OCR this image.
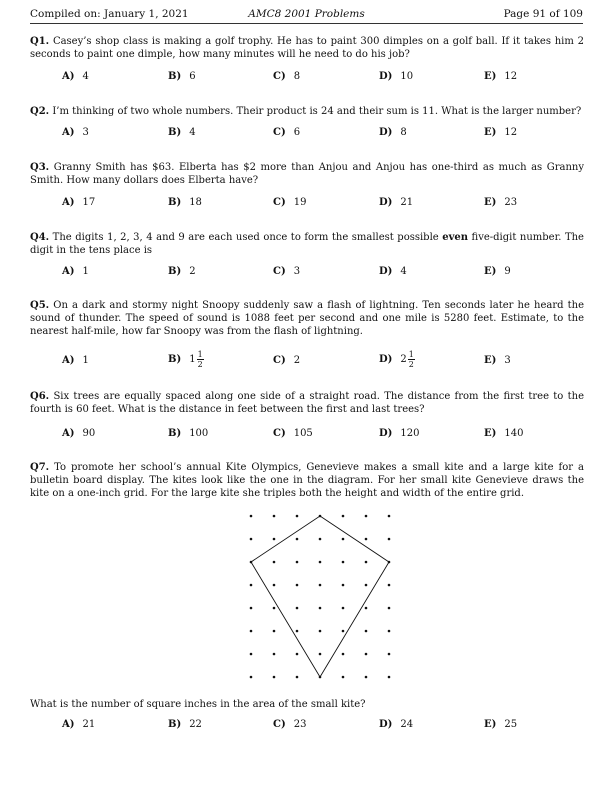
Compiled on: January 1, 2021	AMC8 2001 Problems	Page 91 of 109
Q1. Casey’s shop class is making a golf trophy. He has to paint 300 dimples on a golf ball. If it takes him 2 seconds to paint one dimple, how many minutes will he need to do his job?
A) 4	B) 6	C) 8	D) 10	E) 12
Q2. I’m thinking of two whole numbers. Their product is 24 and their sum is 11. What is the larger number?
A) 3	B) 4	C) 6	D) 8	E) 12
Q3. Granny Smith has $63. Elberta has $2 more than Anjou and Anjou has one-third as much as Granny Smith. How many dollars does Elberta have?
A) 17	B) 18	C) 19	D) 21	E) 23
Q4. The digits 1, 2, 3, 4 and 9 are each used once to form the smallest possible even five-digit number. The digit in the tens place is
A) 1	B) 2	C) 3	D) 4	E) 9
Q5. On a dark and stormy night Snoopy suddenly saw a flash of lightning. Ten seconds later he heard the sound of thunder. The speed of sound is 1088 feet per second and one mile is 5280 feet. Estimate, to the nearest half-mile, how far Snoopy was from the flash of lightning.
A) 1	B) $1 \frac{1}{2}$	C) 2	D) $2 \frac{1}{2}$	E) 3
Q6. Six trees are equally spaced along one side of a straight road. The distance from the first tree to the fourth is 60 feet. What is the distance in feet between the first and last trees?
A) 90	B) 100	C) 105	D) 120	E) 140
Q7. To promote her school’s annual Kite Olympics, Genevieve makes a small kite and a large kite for a bulletin board display. The kites look like the one in the diagram. For her small kite Genevieve draws the kite on a one-inch grid. For the large kite she triples both the height and width of the entire grid.
What is the number of square inches in the area of the small kite?
A) 21	B) 22	C) 23	D) 24	E) 25
